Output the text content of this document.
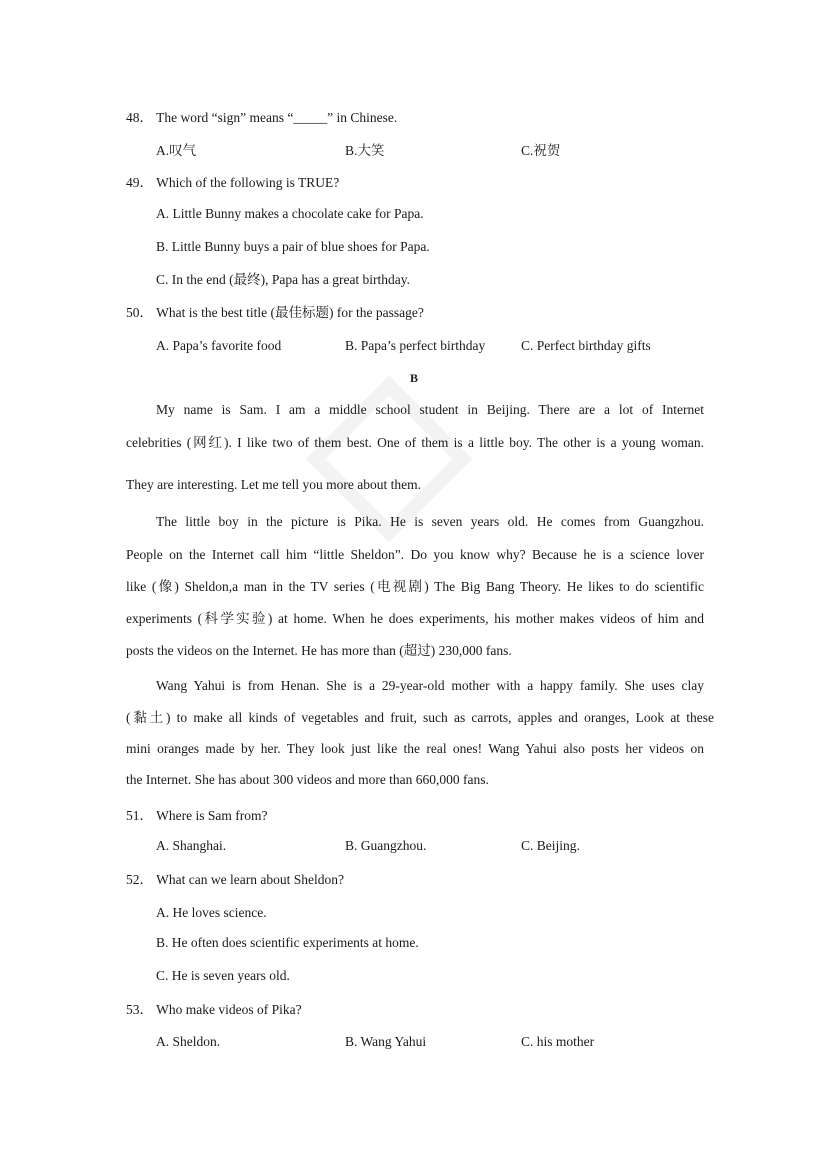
48． The word “sign” means “_____” in Chinese.
A.叹气	B.大笑	C.祝贺
49． Which of the following is TRUE?
A. Little Bunny makes a chocolate cake for Papa.
B. Little Bunny buys a pair of blue shoes for Papa.
C. In the end (最终), Papa has a great birthday.
50． What is the best title (最佳标题) for the passage?
A. Papa’s favorite food	B. Papa’s perfect birthday	C. Perfect birthday gifts
B
My name is Sam. I am a middle school student in Beijing. There are a lot of Internet
celebrities (网红). I like two of them best. One of them is a little boy. The other is a young woman.
They are interesting. Let me tell you more about them.
The little boy in the picture is Pika. He is seven years old. He comes from Guangzhou.
People on the Internet call him “little Sheldon”. Do you know why? Because he is a science lover
like (像) Sheldon,a man in the TV series (电视剧) The Big Bang Theory. He likes to do scientific
experiments (科学实验) at home. When he does experiments, his mother makes videos of him and
posts the videos on the Internet. He has more than (超过) 230,000 fans.
Wang Yahui is from Henan. She is a 29-year-old mother with a happy family. She uses clay
(黏土) to make all kinds of vegetables and fruit, such as carrots, apples and oranges, Look at these
mini oranges made by her. They look just like the real ones! Wang Yahui also posts her videos on
the Internet. She has about 300 videos and more than 660,000 fans.
51． Where is Sam from?
A. Shanghai.	B. Guangzhou.	C. Beijing.
52． What can we learn about Sheldon?
A. He loves science.
B. He often does scientific experiments at home.
C. He is seven years old.
53． Who make videos of Pika?
A. Sheldon.	B. Wang Yahui	C. his mother
